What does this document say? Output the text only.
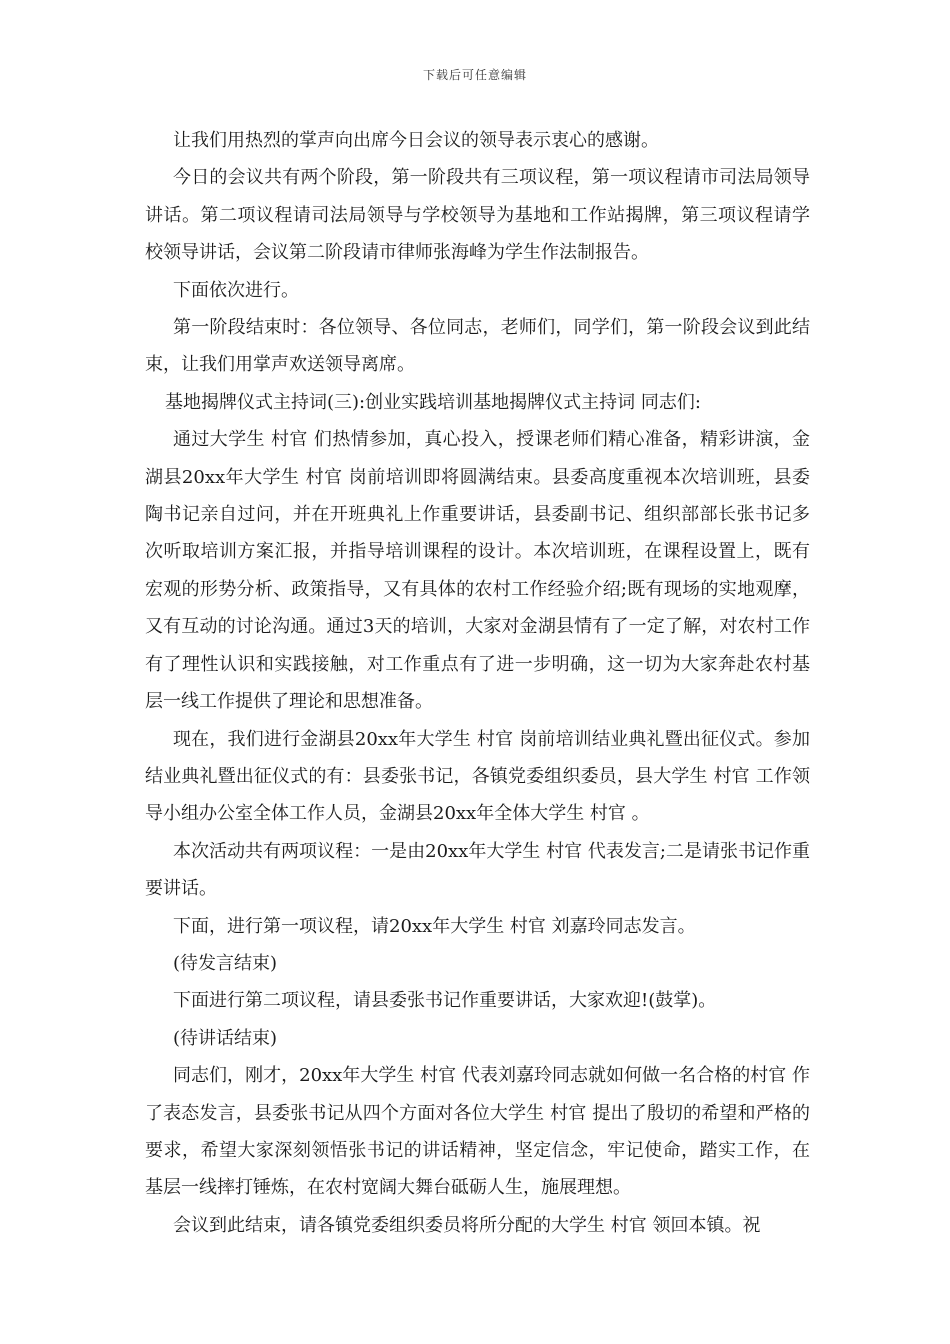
下载后可任意编辑

让我们用热烈的掌声向出席今日会议的领导表示衷心的感谢。

今日的会议共有两个阶段，第一阶段共有三项议程，第一项议程请市司法局领导讲话。第二项议程请司法局领导与学校领导为基地和工作站揭牌，第三项议程请学校领导讲话，会议第二阶段请市律师张海峰为学生作法制报告。

下面依次进行。

第一阶段结束时：各位领导、各位同志，老师们，同学们，第一阶段会议到此结束，让我们用掌声欢送领导离席。

基地揭牌仪式主持词(三):创业实践培训基地揭牌仪式主持词 同志们:

通过大学生 村官 们热情参加，真心投入，授课老师们精心准备，精彩讲演，金湖县20xx年大学生 村官 岗前培训即将圆满结束。县委高度重视本次培训班，县委陶书记亲自过问，并在开班典礼上作重要讲话，县委副书记、组织部部长张书记多次听取培训方案汇报，并指导培训课程的设计。本次培训班，在课程设置上，既有宏观的形势分析、政策指导，又有具体的农村工作经验介绍;既有现场的实地观摩，又有互动的讨论沟通。通过3天的培训，大家对金湖县情有了一定了解，对农村工作有了理性认识和实践接触，对工作重点有了进一步明确，这一切为大家奔赴农村基层一线工作提供了理论和思想准备。

现在，我们进行金湖县20xx年大学生 村官 岗前培训结业典礼暨出征仪式。参加结业典礼暨出征仪式的有：县委张书记，各镇党委组织委员，县大学生 村官 工作领导小组办公室全体工作人员，金湖县20xx年全体大学生 村官 。

本次活动共有两项议程：一是由20xx年大学生 村官 代表发言;二是请张书记作重要讲话。

下面，进行第一项议程，请20xx年大学生 村官 刘嘉玲同志发言。

(待发言结束)

下面进行第二项议程，请县委张书记作重要讲话，大家欢迎!(鼓掌)。

(待讲话结束)

同志们，刚才，20xx年大学生 村官 代表刘嘉玲同志就如何做一名合格的村官 作了表态发言，县委张书记从四个方面对各位大学生 村官 提出了殷切的希望和严格的要求，希望大家深刻领悟张书记的讲话精神，坚定信念，牢记使命，踏实工作，在基层一线摔打锤炼，在农村宽阔大舞台砥砺人生，施展理想。

会议到此结束，请各镇党委组织委员将所分配的大学生 村官 领回本镇。祝
